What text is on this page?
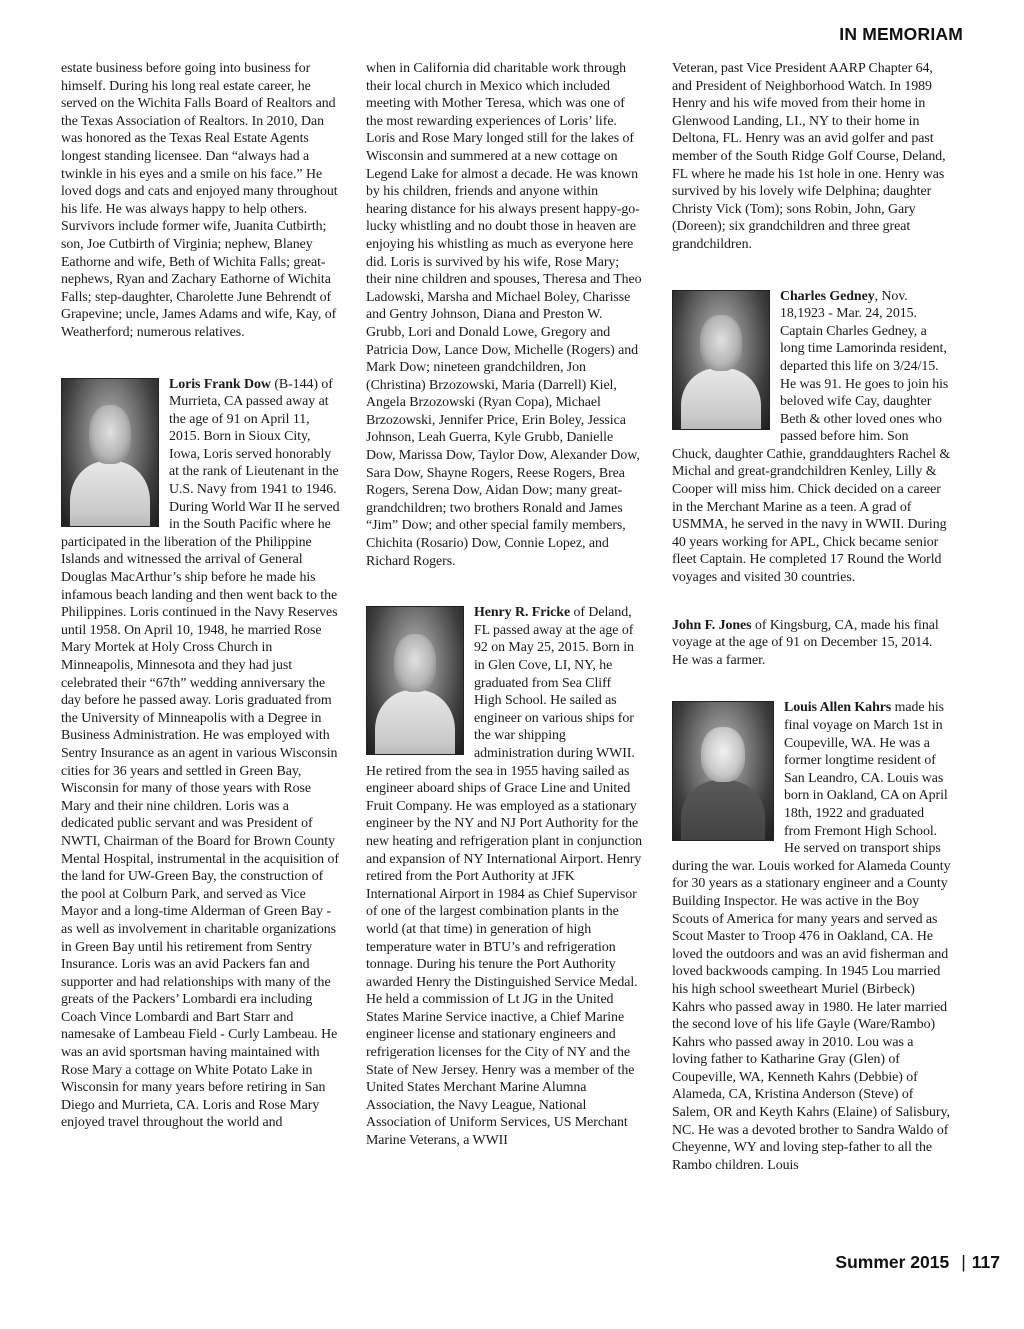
IN MEMORIAM

estate business before going into business for himself. During his long real estate career, he served on the Wichita Falls Board of Realtors and the Texas Association of Realtors. In 2010, Dan was honored as the Texas Real Estate Agents longest standing licensee. Dan “always had a twinkle in his eyes and a smile on his face.” He loved dogs and cats and enjoyed many throughout his life. He was always happy to help others. Survivors include former wife, Juanita Cutbirth; son, Joe Cutbirth of Virginia; nephew, Blaney Eathorne and wife, Beth of Wichita Falls; great-nephews, Ryan and Zachary Eathorne of Wichita Falls; step-daughter, Charolette June Behrendt of Grapevine; uncle, James Adams and wife, Kay, of Weatherford; numerous relatives.

Loris Frank Dow (B-144) of Murrieta, CA passed away at the age of 91 on April 11, 2015. Born in Sioux City, Iowa, Loris served honorably at the rank of Lieutenant in the U.S. Navy from 1941 to 1946. During World War II he served in the South Pacific where he participated in the liberation of the Philippine Islands and witnessed the arrival of General Douglas MacArthur’s ship before he made his infamous beach landing and then went back to the Philippines. Loris continued in the Navy Reserves until 1958. On April 10, 1948, he married Rose Mary Mortek at Holy Cross Church in Minneapolis, Minnesota and they had just celebrated their “67th” wedding anniversary the day before he passed away. Loris graduated from the University of Minneapolis with a Degree in Business Administration. He was employed with Sentry Insurance as an agent in various Wisconsin cities for 36 years and settled in Green Bay, Wisconsin for many of those years with Rose Mary and their nine children. Loris was a dedicated public servant and was President of NWTI, Chairman of the Board for Brown County Mental Hospital, instrumental in the acquisition of the land for UW-Green Bay, the construction of the pool at Colburn Park, and served as Vice Mayor and a long-time Alderman of Green Bay - as well as involvement in charitable organizations in Green Bay until his retirement from Sentry Insurance. Loris was an avid Packers fan and supporter and had relationships with many of the greats of the Packers’ Lombardi era including Coach Vince Lombardi and Bart Starr and namesake of Lambeau Field - Curly Lambeau. He was an avid sportsman having maintained with Rose Mary a cottage on White Potato Lake in Wisconsin for many years before retiring in San Diego and Murrieta, CA. Loris and Rose Mary enjoyed travel throughout the world and

when in California did charitable work through their local church in Mexico which included meeting with Mother Teresa, which was one of the most rewarding experiences of Loris’ life. Loris and Rose Mary longed still for the lakes of Wisconsin and summered at a new cottage on Legend Lake for almost a decade. He was known by his children, friends and anyone within hearing distance for his always present happy-go-lucky whistling and no doubt those in heaven are enjoying his whistling as much as everyone here did. Loris is survived by his wife, Rose Mary; their nine children and spouses, Theresa and Theo Ladowski, Marsha and Michael Boley, Charisse and Gentry Johnson, Diana and Preston W. Grubb, Lori and Donald Lowe, Gregory and Patricia Dow, Lance Dow, Michelle (Rogers) and Mark Dow; nineteen grandchildren, Jon (Christina) Brzozowski, Maria (Darrell) Kiel, Angela Brzozowski (Ryan Copa), Michael Brzozowski, Jennifer Price, Erin Boley, Jessica Johnson, Leah Guerra, Kyle Grubb, Danielle Dow, Marissa Dow, Taylor Dow, Alexander Dow, Sara Dow, Shayne Rogers, Reese Rogers, Brea Rogers, Serena Dow, Aidan Dow; many great-grandchildren; two brothers Ronald and James “Jim” Dow; and other special family members, Chichita (Rosario) Dow, Connie Lopez, and Richard Rogers.

Henry R. Fricke of Deland, FL passed away at the age of 92 on May 25, 2015. Born in in Glen Cove, LI, NY, he graduated from Sea Cliff High School. He sailed as engineer on various ships for the war shipping administration during WWII. He retired from the sea in 1955 having sailed as engineer aboard ships of Grace Line and United Fruit Company. He was employed as a stationary engineer by the NY and NJ Port Authority for the new heating and refrigeration plant in conjunction and expansion of NY International Airport. Henry retired from the Port Authority at JFK International Airport in 1984 as Chief Supervisor of one of the largest combination plants in the world (at that time) in generation of high temperature water in BTU’s and refrigeration tonnage. During his tenure the Port Authority awarded Henry the Distinguished Service Medal. He held a commission of Lt JG in the United States Marine Service inactive, a Chief Marine engineer license and stationary engineers and refrigeration licenses for the City of NY and the State of New Jersey. Henry was a member of the United States Merchant Marine Alumna Association, the Navy League, National Association of Uniform Services, US Merchant Marine Veterans, a WWII

Veteran, past Vice President AARP Chapter 64, and President of Neighborhood Watch. In 1989 Henry and his wife moved from their home in Glenwood Landing, LI., NY to their home in Deltona, FL. Henry was an avid golfer and past member of the South Ridge Golf Course, Deland, FL where he made his 1st hole in one. Henry was survived by his lovely wife Delphina; daughter Christy Vick (Tom); sons Robin, John, Gary (Doreen); six grandchildren and three great grandchildren.

Charles Gedney, Nov. 18,1923 - Mar. 24, 2015. Captain Charles Gedney, a long time Lamorinda resident, departed this life on 3/24/15. He was 91. He goes to join his beloved wife Cay, daughter Beth & other loved ones who passed before him. Son Chuck, daughter Cathie, granddaughters Rachel & Michal and great-grandchildren Kenley, Lilly & Cooper will miss him. Chick decided on a career in the Merchant Marine as a teen. A grad of USMMA, he served in the navy in WWII. During 40 years working for APL, Chick became senior fleet Captain. He completed 17 Round the World voyages and visited 30 countries.

John F. Jones of Kingsburg, CA, made his final voyage at the age of 91 on December 15, 2014. He was a farmer.

Louis Allen Kahrs made his final voyage on March 1st in Coupeville, WA. He was a former longtime resident of San Leandro, CA. Louis was born in Oakland, CA on April 18th, 1922 and graduated from Fremont High School. He served on transport ships during the war. Louis worked for Alameda County for 30 years as a stationary engineer and a County Building Inspector. He was active in the Boy Scouts of America for many years and served as Scout Master to Troop 476 in Oakland, CA. He loved the outdoors and was an avid fisherman and loved backwoods camping. In 1945 Lou married his high school sweetheart Muriel (Birbeck) Kahrs who passed away in 1980. He later married the second love of his life Gayle (Ware/Rambo) Kahrs who passed away in 2010. Lou was a loving father to Katharine Gray (Glen) of Coupeville, WA, Kenneth Kahrs (Debbie) of Alameda, CA, Kristina Anderson (Steve) of Salem, OR and Keyth Kahrs (Elaine) of Salisbury, NC. He was a devoted brother to Sandra Waldo of Cheyenne, WY and loving step-father to all the Rambo children. Louis

Summer 2015 | 117
